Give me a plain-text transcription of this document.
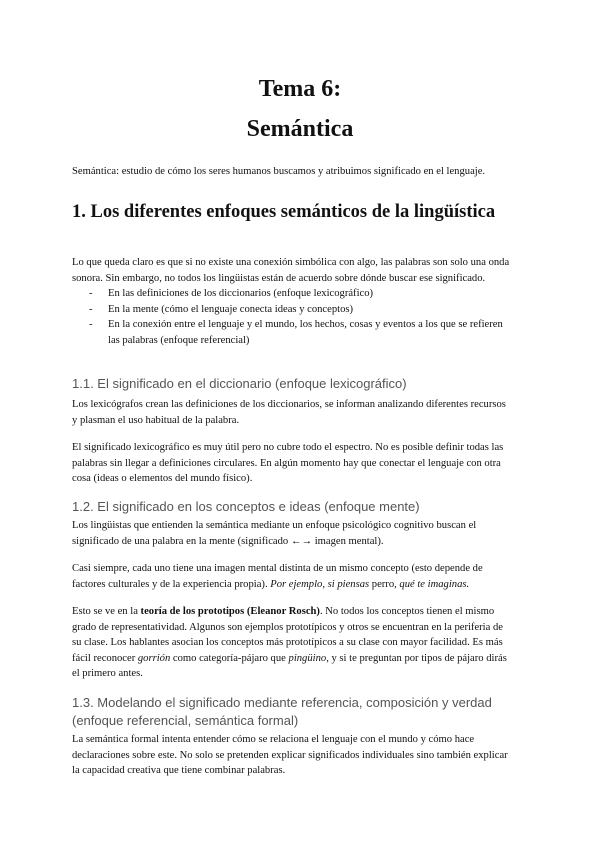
Tema 6:
Semántica
Semántica: estudio de cómo los seres humanos buscamos y atribuimos significado en el lenguaje.
1. Los diferentes enfoques semánticos de la lingüística

Lo que queda claro es que si no existe una conexión simbólica con algo, las palabras son solo una onda sonora. Sin embargo, no todos los lingüistas están de acuerdo sobre dónde buscar ese significado.

- En las definiciones de los diccionarios (enfoque lexicográfico)
- En la mente (cómo el lenguaje conecta ideas y conceptos)
- En la conexión entre el lenguaje y el mundo, los hechos, cosas y eventos a los que se refieren las palabras (enfoque referencial)
1.1. El significado en el diccionario (enfoque lexicográfico)

Los lexicógrafos crean las definiciones de los diccionarios, se informan analizando diferentes recursos y plasman el uso habitual de la palabra.

El significado lexicográfico es muy útil pero no cubre todo el espectro. No es posible definir todas las palabras sin llegar a definiciones circulares. En algún momento hay que conectar el lenguaje con otra cosa (ideas o elementos del mundo físico).

1.2. El significado en los conceptos e ideas (enfoque mente)

Los lingüistas que entienden la semántica mediante un enfoque psicológico cognitivo buscan el significado de una palabra en la mente (significado ←→ imagen mental).

Casi siempre, cada uno tiene una imagen mental distinta de un mismo concepto (esto depende de factores culturales y de la experiencia propia). Por ejemplo, si piensas perro, qué te imaginas.

Esto se ve en la teoría de los prototipos (Eleanor Rosch). No todos los conceptos tienen el mismo grado de representatividad. Algunos son ejemplos prototípicos y otros se encuentran en la periferia de su clase. Los hablantes asocian los conceptos más prototípicos a su clase con mayor facilidad. Es más fácil reconocer gorrión como categoría-pájaro que pingüino, y si te preguntan por tipos de pájaro dirás el primero antes.

1.3. Modelando el significado mediante referencia, composición y verdad (enfoque referencial, semántica formal)

La semántica formal intenta entender cómo se relaciona el lenguaje con el mundo y cómo hace declaraciones sobre este. No solo se pretenden explicar significados individuales sino también explicar la capacidad creativa que tiene combinar palabras.
